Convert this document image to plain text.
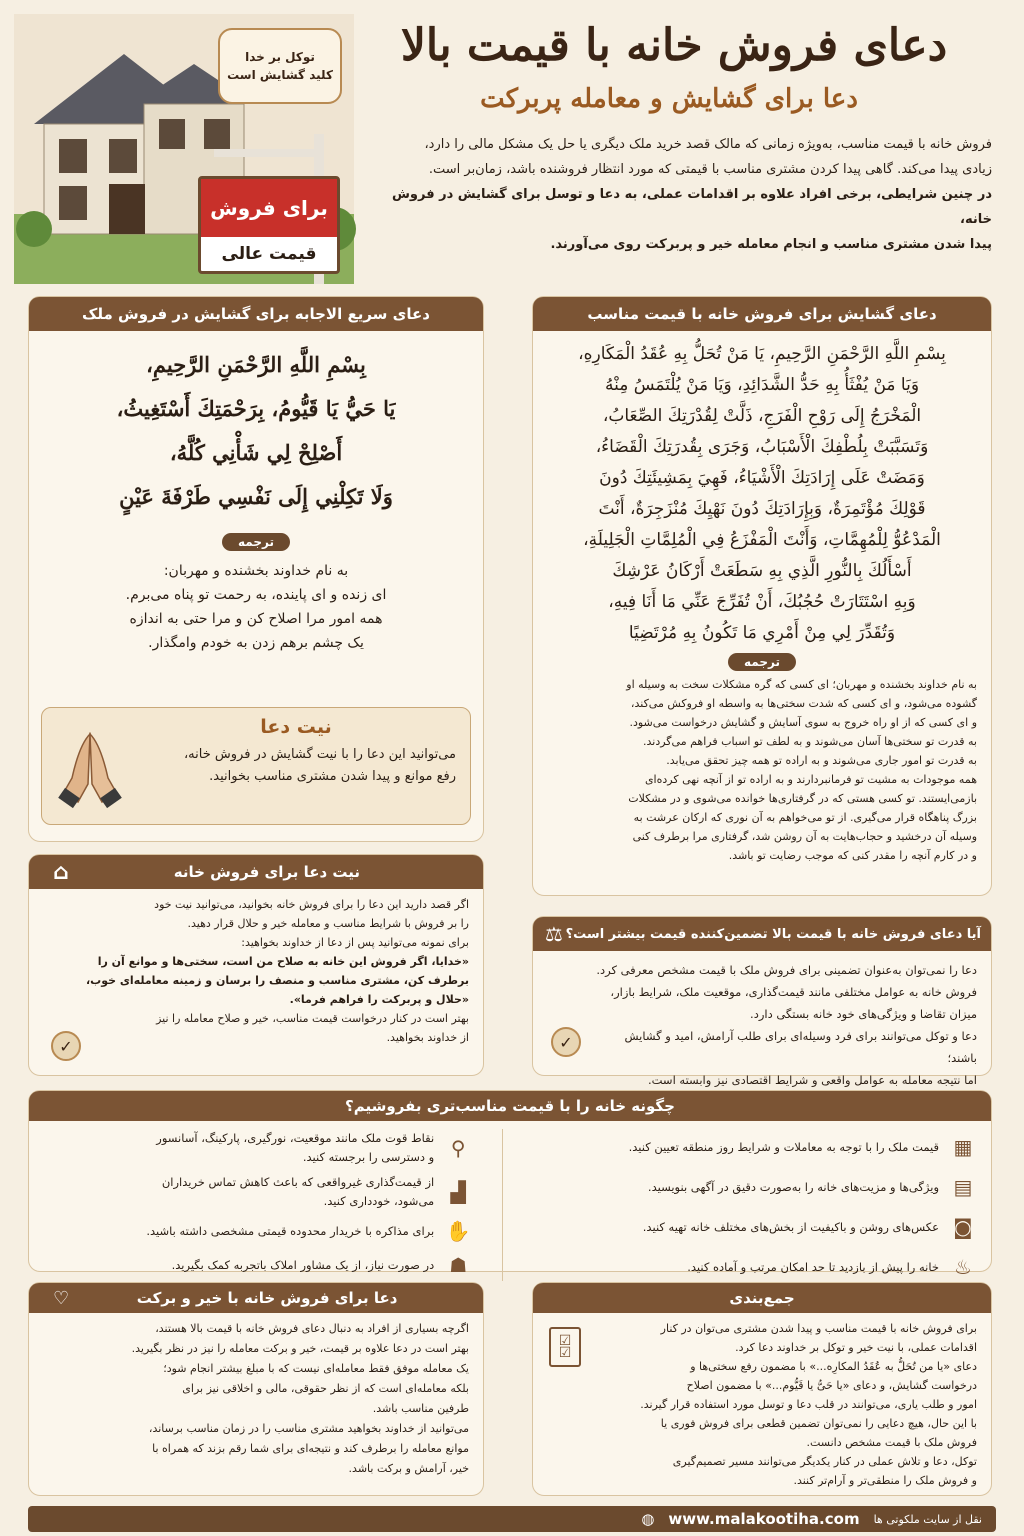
دعای فروش خانه با قیمت بالا
دعا برای گشایش و معامله پربرکت
فروش خانه با قیمت مناسب، به‌ویژه زمانی که مالک قصد خرید ملک دیگری یا حل یک مشکل مالی را دارد،
زیادی پیدا می‌کند. گاهی پیدا کردن مشتری مناسب با قیمتی که مورد انتظار فروشنده باشد، زمان‌بر است.
در چنین شرایطی، برخی افراد علاوه بر اقدامات عملی، به دعا و توسل برای گشایش در فروش خانه،
پیدا شدن مشتری مناسب و انجام معامله خیر و پربرکت روی می‌آورند.
توکل بر خدا
کلید گشایش است
برای فروش
قیمت عالی
دعای گشایش برای فروش خانه با قیمت مناسب
بِسْمِ اللَّهِ الرَّحْمَنِ الرَّحِيمِ، يَا مَنْ تُحَلُّ بِهِ عُقَدُ الْمَكَارِهِ،
وَيَا مَنْ يُفْثَأُ بِهِ حَدُّ الشَّدَائِدِ، وَيَا مَنْ يُلْتَمَسُ مِنْهُ
الْمَخْرَجُ إِلَى رَوْحِ الْفَرَجِ، ذَلَّتْ لِقُدْرَتِكَ الصِّعَابُ،
وَتَسَبَّبَتْ بِلُطْفِكَ الْأَسْبَابُ، وَجَرَى بِقُدرَتِكَ الْقَضَاءُ،
وَمَضَتْ عَلَى إِرَادَتِكَ الْأَشْيَاءُ، فَهِيَ بِمَشِيئَتِكَ دُونَ
قَوْلِكَ مُؤْتَمِرَةٌ، وَبِإِرَادَتِكَ دُونَ نَهْيِكَ مُنْزَجِرَةٌ، أَنْتَ
الْمَدْعُوُّ لِلْمُهِمَّاتِ، وَأَنْتَ الْمَفْزَعُ فِي الْمُلِمَّاتِ الْجَلِيلَةِ،
أَسْأَلُكَ بِالنُّورِ الَّذِي بِهِ سَطَعَتْ أَرْكَانُ عَرْشِكَ
وَبِهِ اسْتَتَارَتْ حُجُبُكَ، أَنْ تُفَرِّجَ عَنِّي مَا أَنَا فِيهِ،
وَتُقَدِّرَ لِي مِنْ أَمْرِي مَا تَكُونُ بِهِ مُرْتَضِيًا
ترجمه
به نام خداوند بخشنده و مهربان؛ ای کسی که گره مشکلات سخت به وسیله او
گشوده می‌شود، و ای کسی که شدت سختی‌ها به واسطه او فروکش می‌کند،
و ای کسی که از او راه خروج به سوی آسایش و گشایش درخواست می‌شود.
به قدرت تو سختی‌ها آسان می‌شوند و به لطف تو اسباب فراهم می‌گردند.
به قدرت تو امور جاری می‌شوند و به اراده تو همه چیز تحقق می‌یابد.
همه موجودات به مشیت تو فرمانبردارند و به اراده تو از آنچه نهی کرده‌ای
بازمی‌ایستند. تو کسی هستی که در گرفتاری‌ها خوانده می‌شوی و در مشکلات
بزرگ پناهگاه قرار می‌گیری. از تو می‌خواهم به آن نوری که ارکان عرشت به
وسیله آن درخشید و حجاب‌هایت به آن روشن شد، گرفتاری مرا برطرف کنی
و در کارم آنچه را مقدر کنی که موجب رضایت تو باشد.
دعای سریع الاجابه برای گشایش در فروش ملک
بِسْمِ اللَّهِ الرَّحْمَنِ الرَّحِيمِ،
يَا حَيُّ يَا قَيُّومُ، بِرَحْمَتِكَ أَسْتَغِيثُ،
أَصْلِحْ لِي شَأْنِي كُلَّهُ،
وَلَا تَكِلْنِي إِلَى نَفْسِي طَرْفَةَ عَيْنٍ
ترجمه
به نام خداوند بخشنده و مهربان:
ای زنده و ای پاینده، به رحمت تو پناه می‌برم.
همه امور مرا اصلاح کن و مرا حتی به اندازه
یک چشم برهم زدن به خودم وامگذار.
نیت دعا
می‌توانید این دعا را با نیت گشایش در فروش خانه،
رفع موانع و پیدا شدن مشتری مناسب بخوانید.
نیت دعا برای فروش خانه
⌂
اگر قصد دارید این دعا را برای فروش خانه بخوانید، می‌توانید نیت خود
را بر فروش با شرایط مناسب و معامله خیر و حلال قرار دهید.
برای نمونه می‌توانید پس از دعا از خداوند بخواهید:
«خدایا، اگر فروش این خانه به صلاح من است، سختی‌ها و موانع آن را
برطرف کن، مشتری مناسب و منصف را برسان و زمینه معامله‌ای خوب،
«حلال و پربرکت را فراهم فرما».
بهتر است در کنار درخواست قیمت مناسب، خیر و صلاح معامله را نیز
از خداوند بخواهید.
✓
آیا دعای فروش خانه با قیمت بالا تضمین‌کننده قیمت بیشتر است؟
⚖
دعا را نمی‌توان به‌عنوان تضمینی برای فروش ملک با قیمت مشخص معرفی کرد.
فروش خانه به عوامل مختلفی مانند قیمت‌گذاری، موقعیت ملک، شرایط بازار،
میزان تقاضا و ویژگی‌های خود خانه بستگی دارد.
دعا و توکل می‌توانند برای فرد وسیله‌ای برای طلب آرامش، امید و گشایش باشند؛
اما نتیجه معامله به عوامل واقعی و شرایط اقتصادی نیز وابسته است.
✓
چگونه خانه را با قیمت مناسب‌تری بفروشیم؟
▦
قیمت ملک را با توجه به معاملات و شرایط روز منطقه تعیین کنید.
▤
ویژگی‌ها و مزیت‌های خانه را به‌صورت دقیق در آگهی بنویسید.
◙
عکس‌های روشن و باکیفیت از بخش‌های مختلف خانه تهیه کنید.
♨
خانه را پیش از بازدید تا حد امکان مرتب و آماده کنید.
⚲
نقاط قوت ملک مانند موقعیت، نورگیری، پارکینگ، آسانسور
و دسترسی را برجسته کنید.
▟
از قیمت‌گذاری غیرواقعی که باعث کاهش تماس خریداران
می‌شود، خودداری کنید.
✋
برای مذاکره با خریدار محدوده قیمتی مشخصی داشته باشید.
☗
در صورت نیاز، از یک مشاور املاک باتجربه کمک بگیرید.
دعا برای فروش خانه با خیر و برکت
♡
اگرچه بسیاری از افراد به دنبال دعای فروش خانه با قیمت بالا هستند،
بهتر است در دعا علاوه بر قیمت، خیر و برکت معامله را نیز در نظر بگیرید.
یک معامله موفق فقط معامله‌ای نیست که با مبلغ بیشتر انجام شود؛
بلکه معامله‌ای است که از نظر حقوقی، مالی و اخلاقی نیز برای
طرفین مناسب باشد.
می‌توانید از خداوند بخواهید مشتری مناسب را در زمان مناسب برساند،
موانع معامله را برطرف کند و نتیجه‌ای برای شما رقم بزند که همراه با
خیر، آرامش و برکت باشد.
جمع‌بندی
برای فروش خانه با قیمت مناسب و پیدا شدن مشتری می‌توان در کنار
اقدامات عملی، با نیت خیر و توکل بر خداوند دعا کرد.
دعای «یا من تُحَلُّ به عُقَدُ المکارِه...» با مضمون رفع سختی‌ها و
درخواست گشایش، و دعای «یا حَیُّ یا قَیُّوم...» با مضمون اصلاح
امور و طلب یاری، می‌توانند در قلب دعا و توسل مورد استفاده قرار گیرند.
با این حال، هیچ دعایی را نمی‌توان تضمین قطعی برای فروش فوری یا
فروش ملک با قیمت مشخص دانست.
توکل، دعا و تلاش عملی در کنار یکدیگر می‌توانند مسیر تصمیم‌گیری
و فروش ملک را منطقی‌تر و آرام‌تر کنند.
☑
☑
نقل از سایت ملکوتی ها
www.malakootiha.com
◍
